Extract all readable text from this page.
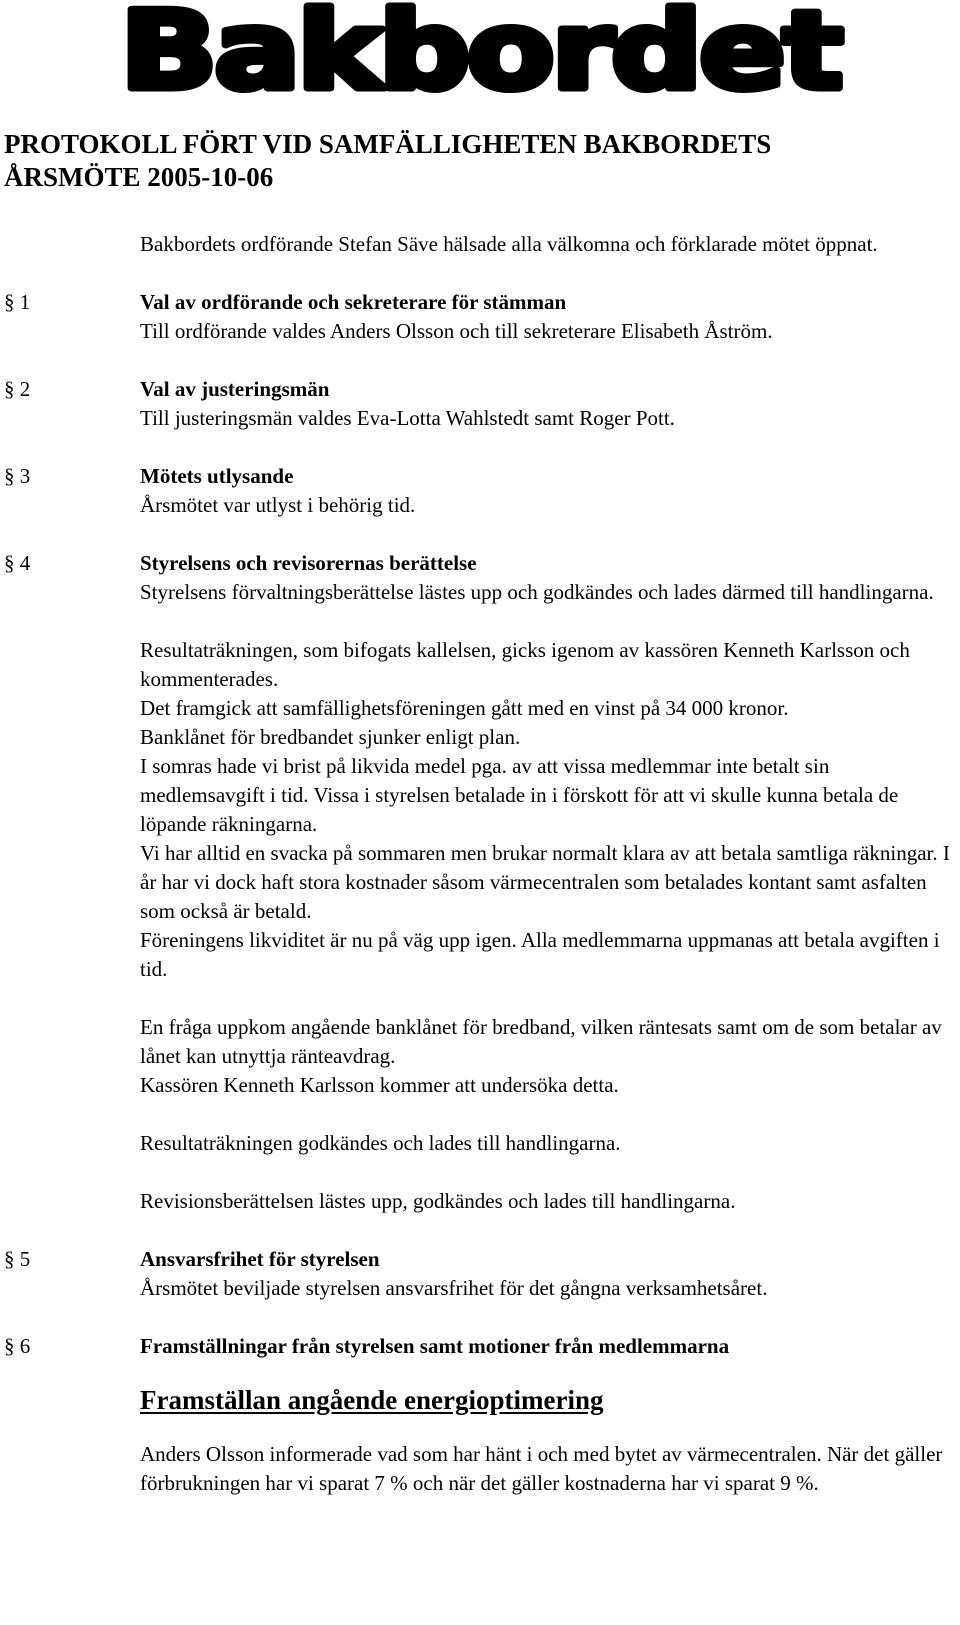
Bakbordet
PROTOKOLL FÖRT VID SAMFÄLLIGHETEN BAKBORDETS
ÅRSMÖTE 2005-10-06

Bakbordets ordförande Stefan Säve hälsade alla välkomna och förklarade mötet öppnat.

§ 1	Val av ordförande och sekreterare för stämman
Till ordförande valdes Anders Olsson och till sekreterare Elisabeth Åström.
§ 2	Val av justeringsmän
Till justeringsmän valdes Eva-Lotta Wahlstedt samt Roger Pott.
§ 3	Mötets utlysande
Årsmötet var utlyst i behörig tid.
§ 4	Styrelsens och revisorernas berättelse
Styrelsens förvaltningsberättelse lästes upp och godkändes och lades därmed till handlingarna.
Resultaträkningen, som bifogats kallelsen, gicks igenom av kassören Kenneth Karlsson och kommenterades.
Det framgick att samfällighetsföreningen gått med en vinst på 34 000 kronor.
Banklånet för bredbandet sjunker enligt plan.
I somras hade vi brist på likvida medel pga. av att vissa medlemmar inte betalt sin medlemsavgift i tid. Vissa i styrelsen betalade in i förskott för att vi skulle kunna betala de löpande räkningarna.
Vi har alltid en svacka på sommaren men brukar normalt klara av att betala samtliga räkningar. I år har vi dock haft stora kostnader såsom värmecentralen som betalades kontant samt asfalten som också är betald.
Föreningens likviditet är nu på väg upp igen. Alla medlemmarna uppmanas att betala avgiften i tid.
En fråga uppkom angående banklånet för bredband, vilken räntesats samt om de som betalar av lånet kan utnyttja ränteavdrag.
Kassören Kenneth Karlsson kommer att undersöka detta.
Resultaträkningen godkändes och lades till handlingarna.
Revisionsberättelsen lästes upp, godkändes och lades till handlingarna.
§ 5	Ansvarsfrihet för styrelsen
Årsmötet beviljade styrelsen ansvarsfrihet för det gångna verksamhetsåret.
§ 6	Framställningar från styrelsen samt motioner från medlemmarna
Framställan angående energioptimering
Anders Olsson informerade vad som har hänt i och med bytet av värmecentralen. När det gäller förbrukningen har vi sparat 7 % och när det gäller kostnaderna har vi sparat 9 %.
